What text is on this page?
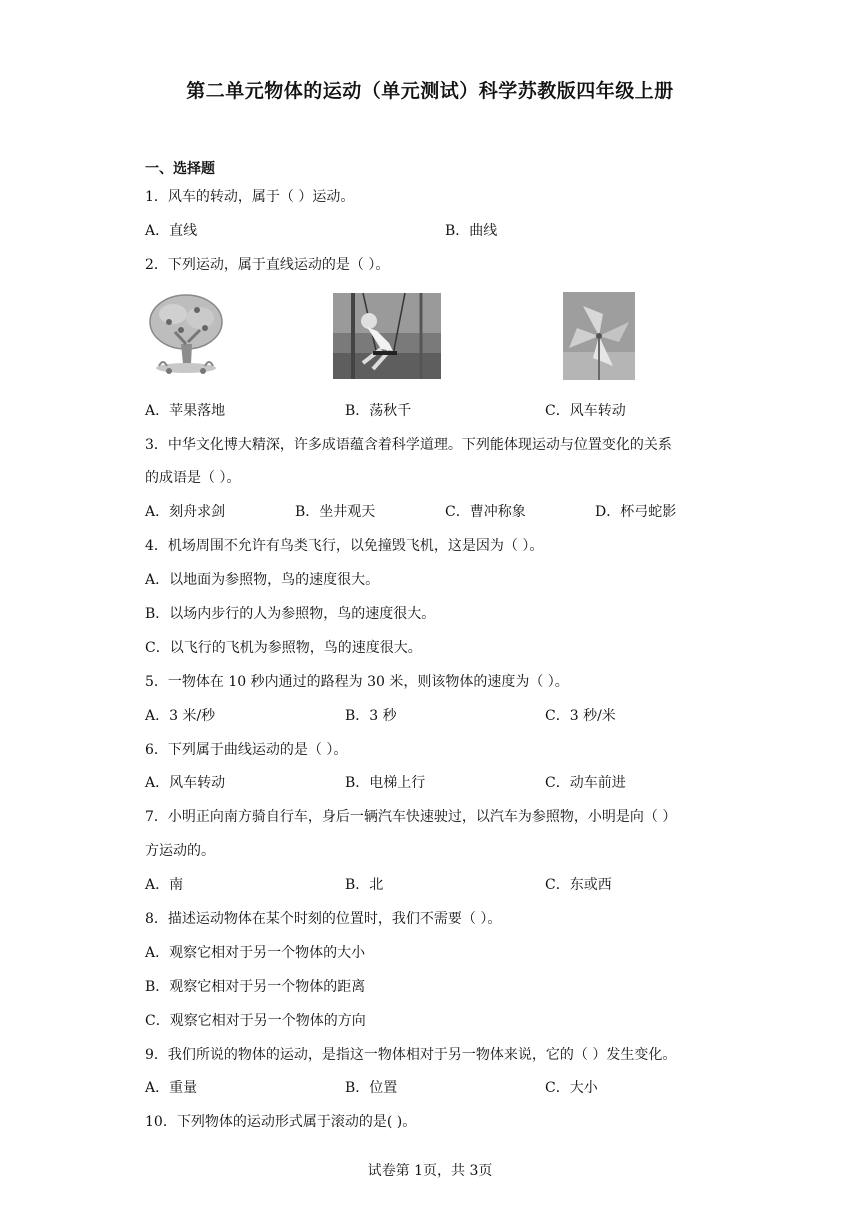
第二单元物体的运动（单元测试）科学苏教版四年级上册
一、选择题
1．风车的转动，属于（ ）运动。
A．直线	B．曲线
2．下列运动，属于直线运动的是（ ）。
A．苹果落地	B．荡秋千	C．风车转动
3．中华文化博大精深，许多成语蕴含着科学道理。下列能体现运动与位置变化的关系
的成语是（ ）。
A．刻舟求剑	B．坐井观天	C．曹冲称象	D．杯弓蛇影
4．机场周围不允许有鸟类飞行，以免撞毁飞机，这是因为（ ）。
A．以地面为参照物，鸟的速度很大。
B．以场内步行的人为参照物，鸟的速度很大。
C．以飞行的飞机为参照物，鸟的速度很大。
5．一物体在 10 秒内通过的路程为 30 米，则该物体的速度为（ ）。
A．3 米/秒	B．3 秒	C．3 秒/米
6．下列属于曲线运动的是（ ）。
A．风车转动	B．电梯上行	C．动车前进
7．小明正向南方骑自行车，身后一辆汽车快速驶过，以汽车为参照物，小明是向（ ）
方运动的。
A．南	B．北	C．东或西
8．描述运动物体在某个时刻的位置时，我们不需要（ ）。
A．观察它相对于另一个物体的大小
B．观察它相对于另一个物体的距离
C．观察它相对于另一个物体的方向
9．我们所说的物体的运动，是指这一物体相对于另一物体来说，它的（ ）发生变化。
A．重量	B．位置	C．大小
10．下列物体的运动形式属于滚动的是( )。
试卷第 1页，共 3页
